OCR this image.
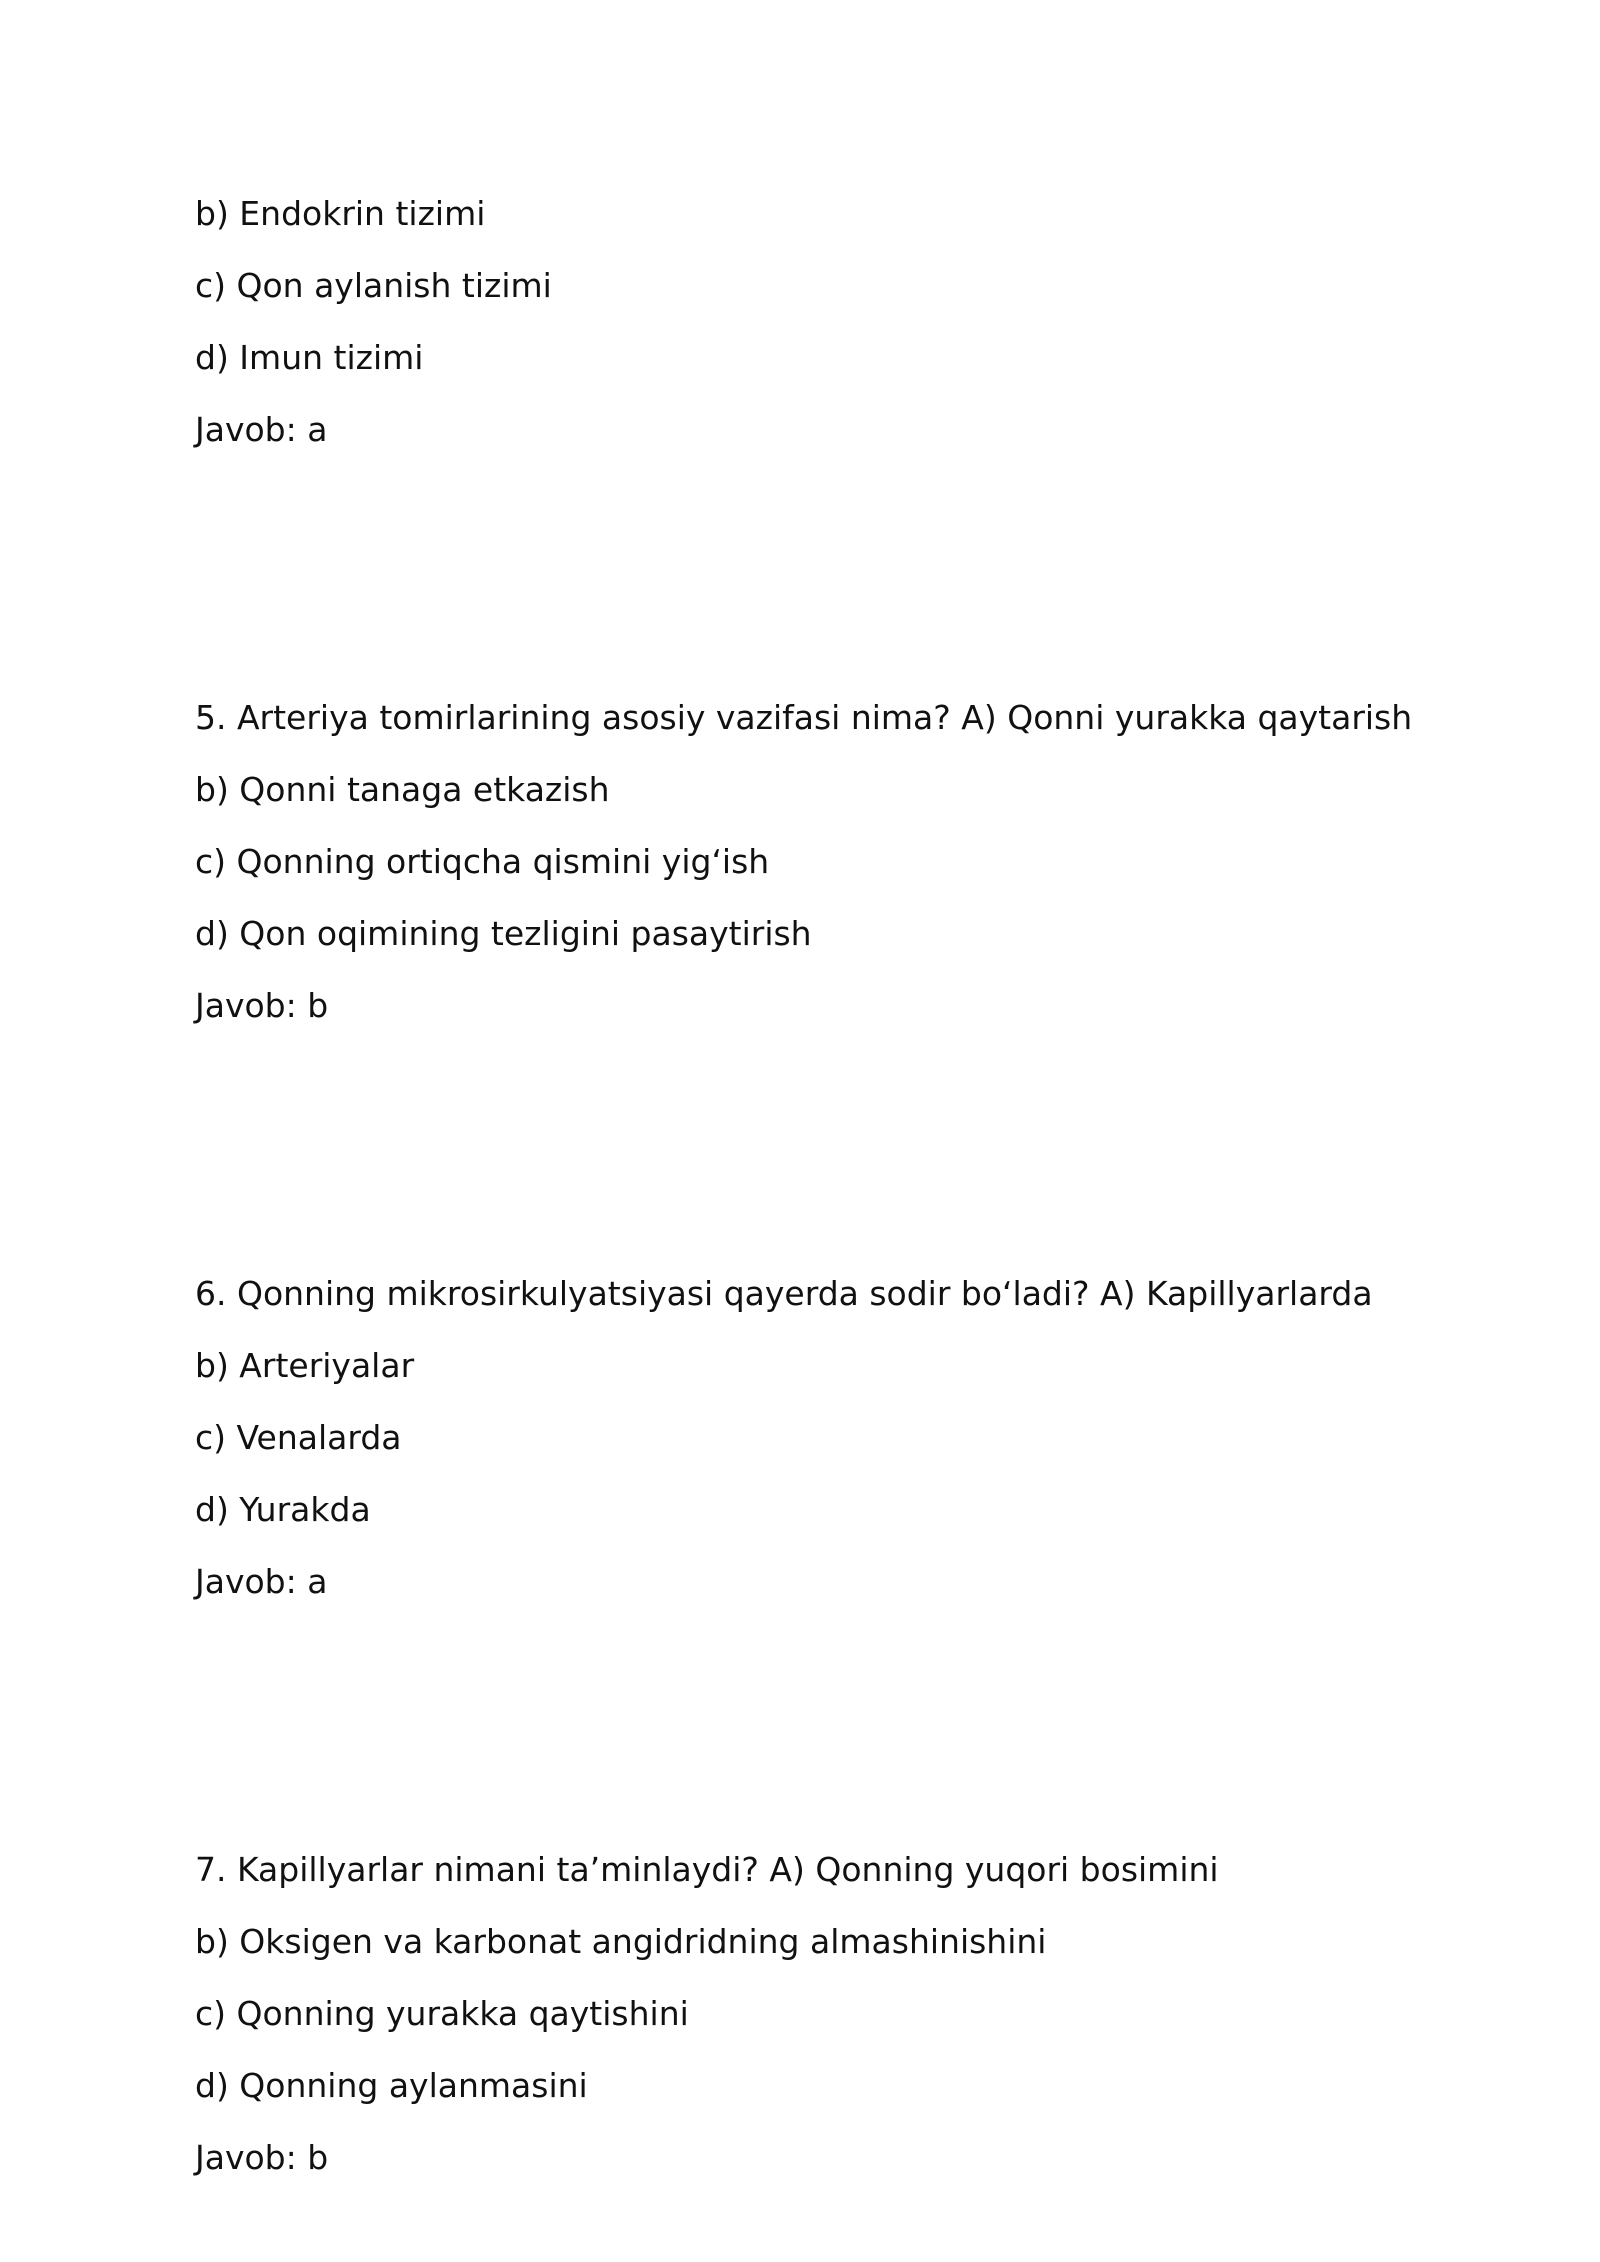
b) Endokrin tizimi
c) Qon aylanish tizimi
d) Imun tizimi
Javob: a
5. Arteriya tomirlarining asosiy vazifasi nima? A) Qonni yurakka qaytarish
b) Qonni tanaga etkazish
c) Qonning ortiqcha qismini yig‘ish
d) Qon oqimining tezligini pasaytirish
Javob: b
6. Qonning mikrosirkulyatsiyasi qayerda sodir bo‘ladi? A) Kapillyarlarda
b) Arteriyalar
c) Venalarda
d) Yurakda
Javob: a
7. Kapillyarlar nimani ta’minlaydi? A) Qonning yuqori bosimini
b) Oksigen va karbonat angidridning almashinishini
c) Qonning yurakka qaytishini
d) Qonning aylanmasini
Javob: b
